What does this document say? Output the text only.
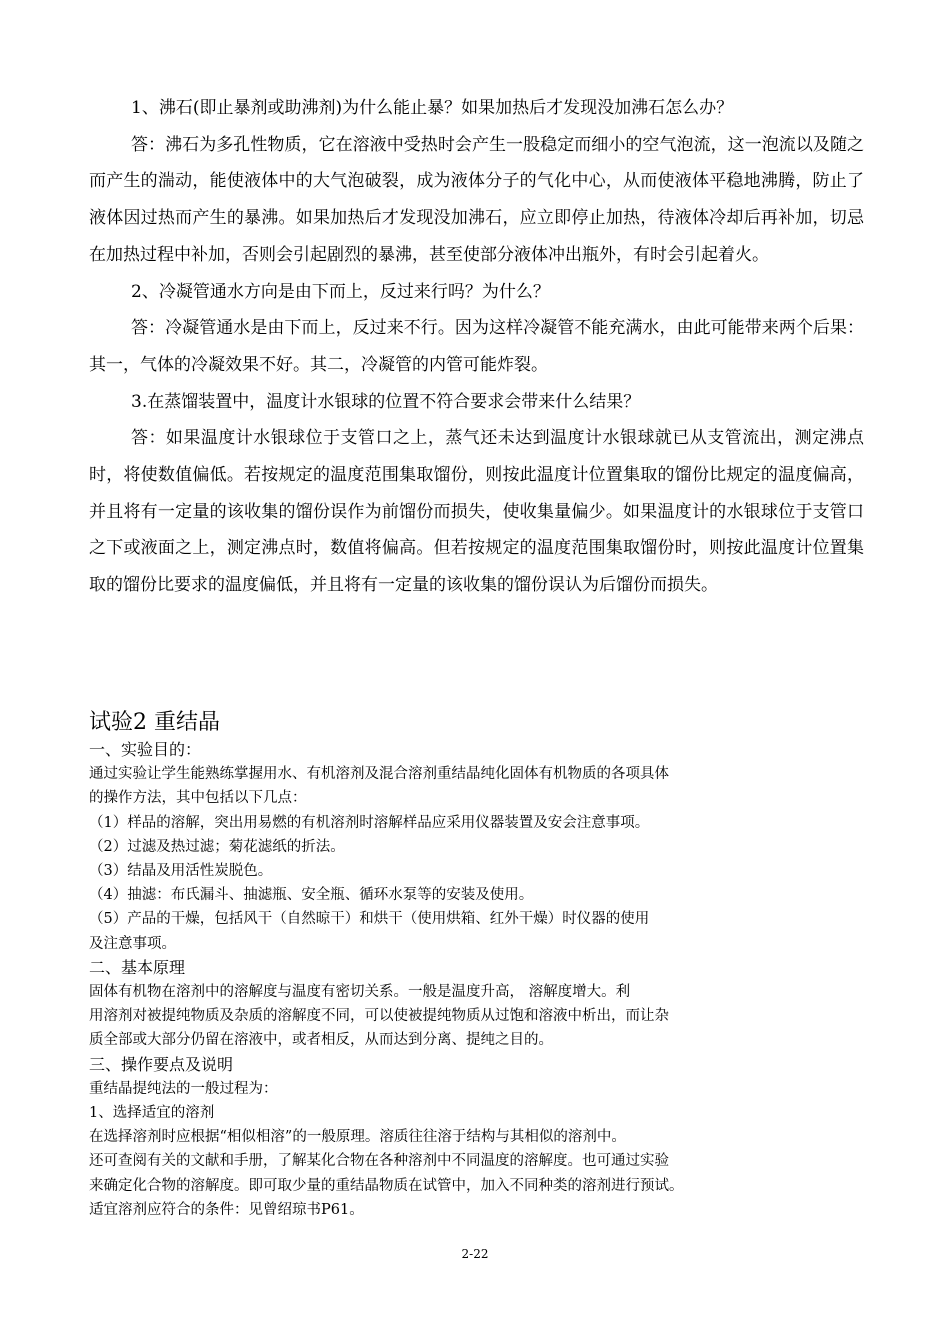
1、沸石(即止暴剂或助沸剂)为什么能止暴？如果加热后才发现没加沸石怎么办？

答：沸石为多孔性物质，它在溶液中受热时会产生一股稳定而细小的空气泡流，这一泡流以及随之而产生的湍动，能使液体中的大气泡破裂，成为液体分子的气化中心，从而使液体平稳地沸腾，防止了液体因过热而产生的暴沸。如果加热后才发现没加沸石，应立即停止加热，待液体冷却后再补加，切忌在加热过程中补加，否则会引起剧烈的暴沸，甚至使部分液体冲出瓶外，有时会引起着火。

2、冷凝管通水方向是由下而上，反过来行吗？为什么？

答：冷凝管通水是由下而上，反过来不行。因为这样冷凝管不能充满水，由此可能带来两个后果：其一，气体的冷凝效果不好。其二，冷凝管的内管可能炸裂。

3.在蒸馏装置中，温度计水银球的位置不符合要求会带来什么结果？

答：如果温度计水银球位于支管口之上，蒸气还未达到温度计水银球就已从支管流出，测定沸点时，将使数值偏低。若按规定的温度范围集取馏份，则按此温度计位置集取的馏份比规定的温度偏高，并且将有一定量的该收集的馏份误作为前馏份而损失，使收集量偏少。如果温度计的水银球位于支管口之下或液面之上，测定沸点时，数值将偏高。但若按规定的温度范围集取馏份时，则按此温度计位置集取的馏份比要求的温度偏低，并且将有一定量的该收集的馏份误认为后馏份而损失。

试验2 重结晶

一、实验目的：

通过实验让学生能熟练掌握用水、有机溶剂及混合溶剂重结晶纯化固体有机物质的各项具体

的操作方法，其中包括以下几点：

（1）样品的溶解，突出用易燃的有机溶剂时溶解样品应采用仪器装置及安会注意事项。

（2）过滤及热过滤；菊花滤纸的折法。

（3）结晶及用活性炭脱色。

（4）抽滤：布氏漏斗、抽滤瓶、安全瓶、循环水泵等的安装及使用。

（5）产品的干燥，包括风干（自然晾干）和烘干（使用烘箱、红外干燥）时仪器的使用

及注意事项。

二、基本原理

固体有机物在溶剂中的溶解度与温度有密切关系。一般是温度升高， 溶解度增大。利

用溶剂对被提纯物质及杂质的溶解度不同，可以使被提纯物质从过饱和溶液中析出，而让杂

质全部或大部分仍留在溶液中，或者相反，从而达到分离、提纯之目的。

三、操作要点及说明

重结晶提纯法的一般过程为：

1、选择适宜的溶剂

在选择溶剂时应根据“相似相溶”的一般原理。溶质往往溶于结构与其相似的溶剂中。

还可查阅有关的文献和手册，了解某化合物在各种溶剂中不同温度的溶解度。也可通过实验

来确定化合物的溶解度。即可取少量的重结晶物质在试管中，加入不同种类的溶剂进行预试。

适宜溶剂应符合的条件：见曾绍琼书P61。

2-22
